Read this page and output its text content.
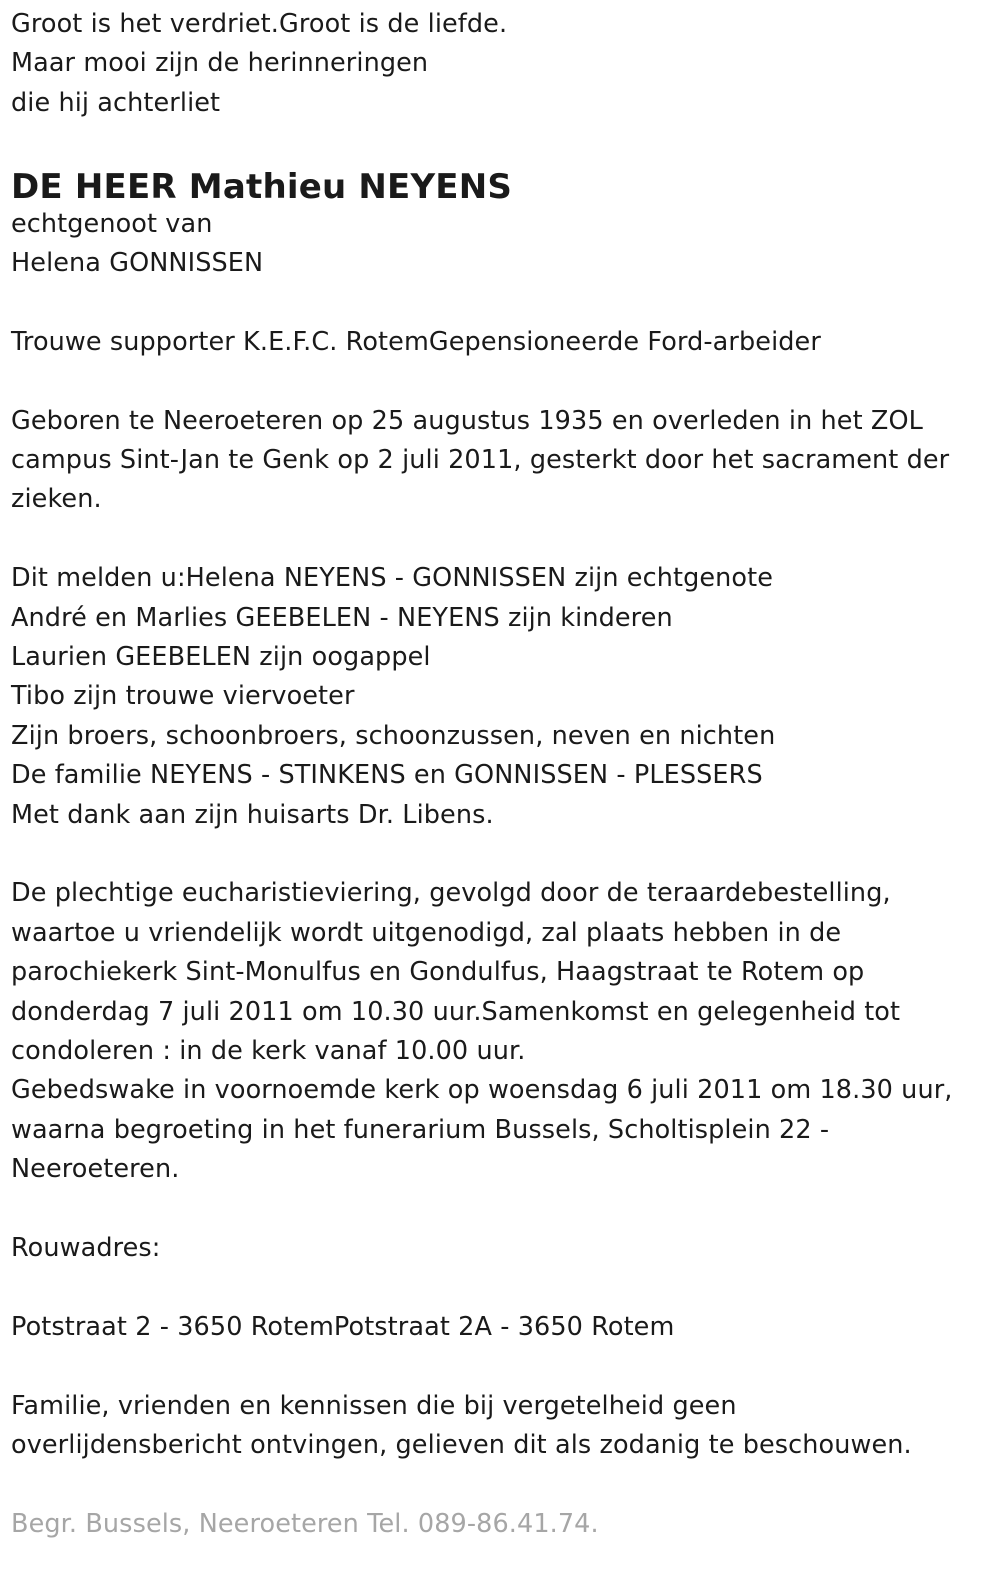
Groot is het verdriet.Groot is de liefde.
Maar mooi zijn de herinneringen
die hij achterliet
DE HEER Mathieu NEYENS
echtgenoot van
Helena GONNISSEN
Trouwe supporter K.E.F.C. RotemGepensioneerde Ford-arbeider
Geboren te Neeroeteren op 25 augustus 1935 en overleden in het ZOL
campus Sint-Jan te Genk op 2 juli 2011, gesterkt door het sacrament der
zieken.
Dit melden u:Helena NEYENS - GONNISSEN zijn echtgenote
André en Marlies GEEBELEN - NEYENS zijn kinderen
Laurien GEEBELEN zijn oogappel
Tibo zijn trouwe viervoeter
Zijn broers, schoonbroers, schoonzussen, neven en nichten
De familie NEYENS - STINKENS en GONNISSEN - PLESSERS
Met dank aan zijn huisarts Dr. Libens.
De plechtige eucharistieviering, gevolgd door de teraardebestelling,
waartoe u vriendelijk wordt uitgenodigd, zal plaats hebben in de
parochiekerk Sint-Monulfus en Gondulfus, Haagstraat te Rotem op
donderdag 7 juli 2011 om 10.30 uur.Samenkomst en gelegenheid tot
condoleren : in de kerk vanaf 10.00 uur.
Gebedswake in voornoemde kerk op woensdag 6 juli 2011 om 18.30 uur,
waarna begroeting in het funerarium Bussels, Scholtisplein 22 -
Neeroeteren.
Rouwadres:
Potstraat 2 - 3650 RotemPotstraat 2A - 3650 Rotem
Familie, vrienden en kennissen die bij vergetelheid geen
overlijdensbericht ontvingen, gelieven dit als zodanig te beschouwen.
Begr. Bussels, Neeroeteren Tel. 089-86.41.74.
